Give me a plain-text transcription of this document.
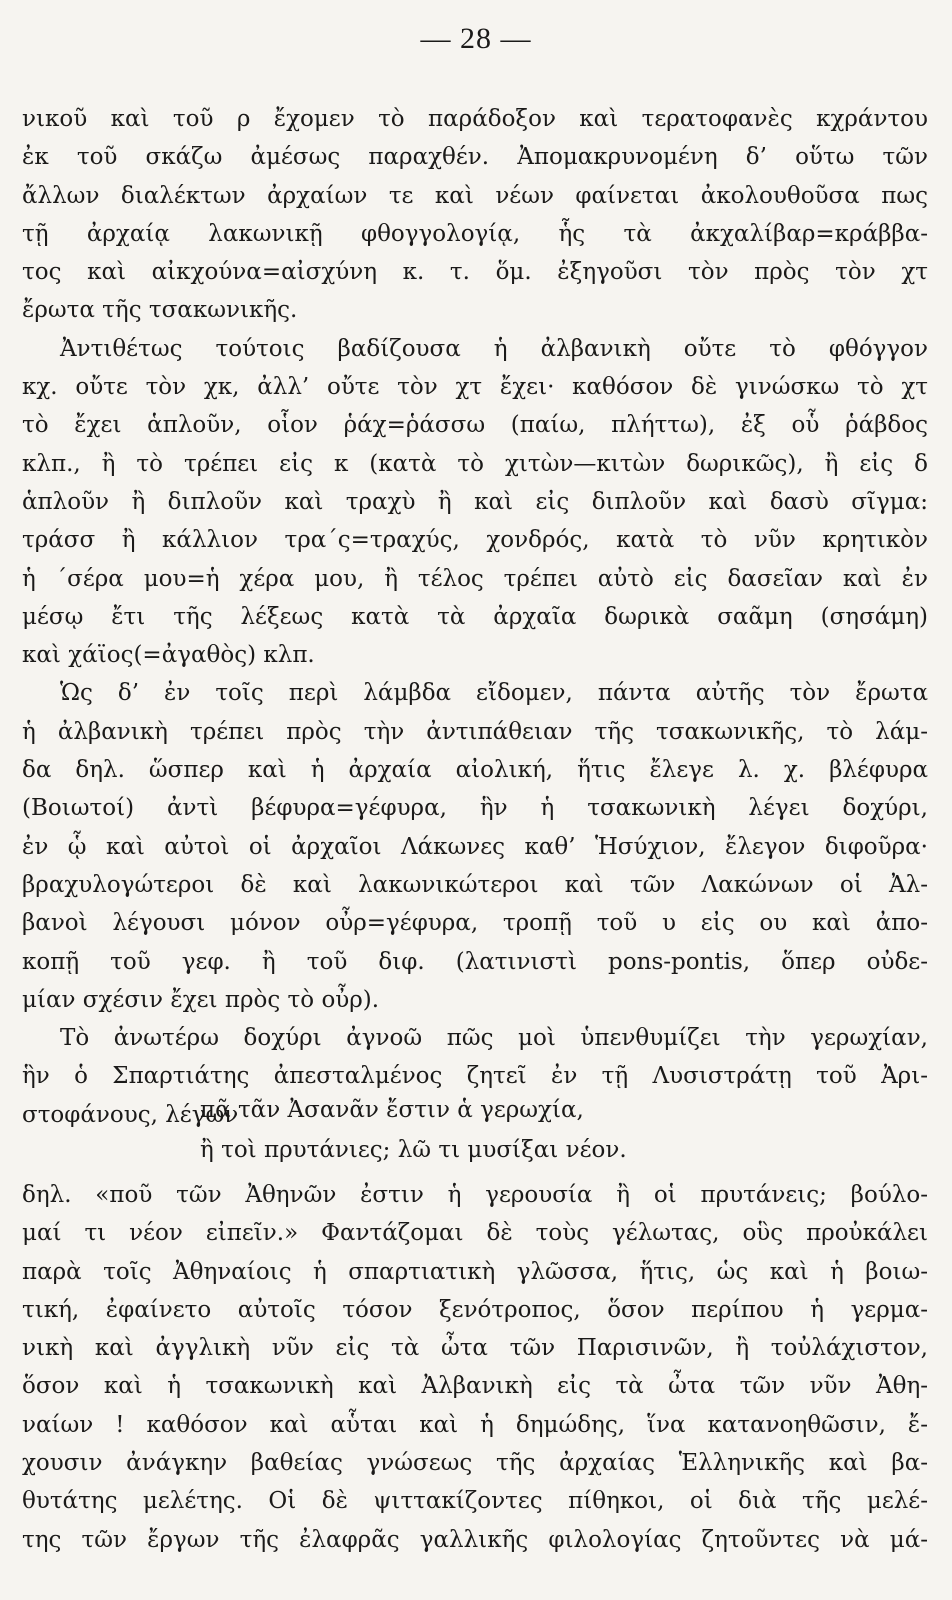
— 28 —
νικοῦ καὶ τοῦ ρ ἔχομεν τὸ παράδοξον καὶ τερατοφανὲς κχράντου
ἐκ τοῦ σκάζω ἀμέσως παραχθέν. Ἀπομακρυνομένη δ’ οὕτω τῶν
ἄλλων διαλέκτων ἀρχαίων τε καὶ νέων φαίνεται ἀκολουθοῦσα πως
τῇ ἀρχαίᾳ λακωνικῇ φθογγολογίᾳ, ἧς τὰ ἀκχαλίβαρ=κράββα-
τος καὶ αἰκχούνα=αἰσχύνη κ. τ. ὅμ. ἐξηγοῦσι τὸν πρὸς τὸν χτ
ἔρωτα τῆς τσακωνικῆς.
Ἀντιθέτως τούτοις βαδίζουσα ἡ ἀλβανικὴ οὔτε τὸ φθόγγον
κχ. οὔτε τὸν χκ, ἀλλ’ οὔτε τὸν χτ ἔχει· καθόσον δὲ γινώσκω τὸ χτ
τὸ ἔχει ἁπλοῦν, οἷον ῥάχ=ῥάσσω (παίω, πλήττω), ἐξ οὗ ῥάβδος
κλπ., ἢ τὸ τρέπει εἰς κ (κατὰ τὸ χιτὼν—κιτὼν δωρικῶς), ἢ εἰς δ
ἁπλοῦν ἢ διπλοῦν καὶ τραχὺ ἢ καὶ εἰς διπλοῦν καὶ δασὺ σῖγμα:
τράσσ ἢ κάλλιον τρα΄ς=τραχύς, χονδρός, κατὰ τὸ νῦν κρητικὸν
ἡ ΄σέρα μου=ἡ χέρα μου, ἢ τέλος τρέπει αὐτὸ εἰς δασεῖαν καὶ ἐν
μέσῳ ἔτι τῆς λέξεως κατὰ τὰ ἀρχαῖα δωρικὰ σαᾶμη (σησάμη)
καὶ χάϊος(=ἀγαθὸς) κλπ.
Ὡς δ’ ἐν τοῖς περὶ λάμβδα εἴδομεν, πάντα αὐτῆς τὸν ἔρωτα
ἡ ἀλβανικὴ τρέπει πρὸς τὴν ἀντιπάθειαν τῆς τσακωνικῆς, τὸ λάμ-
δα δηλ. ὥσπερ καὶ ἡ ἀρχαία αἰολική, ἥτις ἔλεγε λ. χ. βλέφυρα
(Βοιωτοί) ἀντὶ βέφυρα=γέφυρα, ἣν ἡ τσακωνικὴ λέγει δοχύρι,
ἐν ᾧ καὶ αὐτοὶ οἱ ἀρχαῖοι Λάκωνες καθ’ Ἡσύχιον, ἔλεγον διφοῦρα·
βραχυλογώτεροι δὲ καὶ λακωνικώτεροι καὶ τῶν Λακώνων οἱ Ἀλ-
βανοὶ λέγουσι μόνον οὖρ=γέφυρα, τροπῇ τοῦ υ εἰς ου καὶ ἀπο-
κοπῇ τοῦ γεφ. ἢ τοῦ διφ. (λατινιστὶ pons-pontis, ὅπερ οὐδε-
μίαν σχέσιν ἔχει πρὸς τὸ οὖρ).
Τὸ ἀνωτέρω δοχύρι ἀγνοῶ πῶς μοὶ ὑπενθυμίζει τὴν γερωχίαν,
ἣν ὁ Σπαρτιάτης ἀπεσταλμένος ζητεῖ ἐν τῇ Λυσιστράτῃ τοῦ Ἀρι-
στοφάνους, λέγων
πᾶ τᾶν Ἀσανᾶν ἔστιν ἁ γερωχία,
ἢ τοὶ πρυτάνιες; λῶ τι μυσίξαι νέον.
δηλ. «ποῦ τῶν Ἀθηνῶν ἐστιν ἡ γερουσία ἢ οἱ πρυτάνεις; βούλο-
μαί τι νέον εἰπεῖν.» Φαντάζομαι δὲ τοὺς γέλωτας, οὓς προὐκάλει
παρὰ τοῖς Ἀθηναίοις ἡ σπαρτιατικὴ γλῶσσα, ἥτις, ὡς καὶ ἡ βοιω-
τική, ἐφαίνετο αὐτοῖς τόσον ξενότροπος, ὅσον περίπου ἡ γερμα-
νικὴ καὶ ἀγγλικὴ νῦν εἰς τὰ ὦτα τῶν Παρισινῶν, ἢ τοὐλάχιστον,
ὅσον καὶ ἡ τσακωνικὴ καὶ Ἀλβανικὴ εἰς τὰ ὦτα τῶν νῦν Ἀθη-
ναίων ! καθόσον καὶ αὗται καὶ ἡ δημώδης, ἵνα κατανοηθῶσιν, ἔ-
χουσιν ἀνάγκην βαθείας γνώσεως τῆς ἀρχαίας Ἑλληνικῆς καὶ βα-
θυτάτης μελέτης. Οἱ δὲ ψιττακίζοντες πίθηκοι, οἱ διὰ τῆς μελέ-
της τῶν ἔργων τῆς ἐλαφρᾶς γαλλικῆς φιλολογίας ζητοῦντες νὰ μά-
